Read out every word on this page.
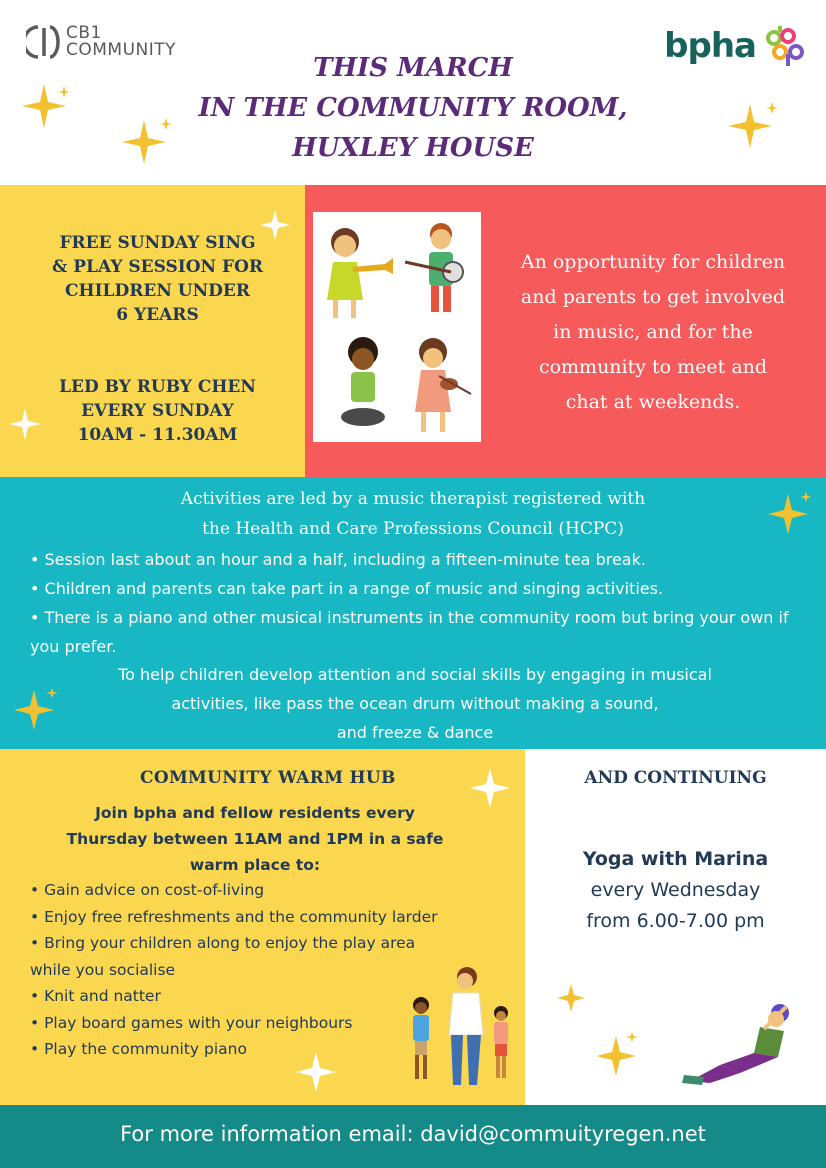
CB1
COMMUNITY	bpha
THIS MARCH
IN THE COMMUNITY ROOM,
HUXLEY HOUSE
FREE SUNDAY SING
& PLAY SESSION FOR
CHILDREN UNDER
6 YEARS
LED BY RUBY CHEN
EVERY SUNDAY
10AM - 11.30AM
An opportunity for children
and parents to get involved
in music, and for the
community to meet and
chat at weekends.
Activities are led by a music therapist registered with
the Health and Care Professions Council (HCPC)
• Session last about an hour and a half, including a fifteen-minute tea break.
• Children and parents can take part in a range of music and singing activities.
• There is a piano and other musical instruments in the community room but bring your own if you prefer.
To help children develop attention and social skills by engaging in musical
activities, like pass the ocean drum without making a sound,
and freeze & dance
COMMUNITY WARM HUB
Join bpha and fellow residents every
Thursday between 11AM and 1PM in a safe
warm place to:
• Gain advice on cost-of-living
• Enjoy free refreshments and the community larder
• Bring your children along to enjoy the play area while you socialise
• Knit and natter
• Play board games with your neighbours
• Play the community piano
AND CONTINUING
Yoga with Marina
every Wednesday
from 6.00-7.00 pm
For more information email: david@commuityregen.net
